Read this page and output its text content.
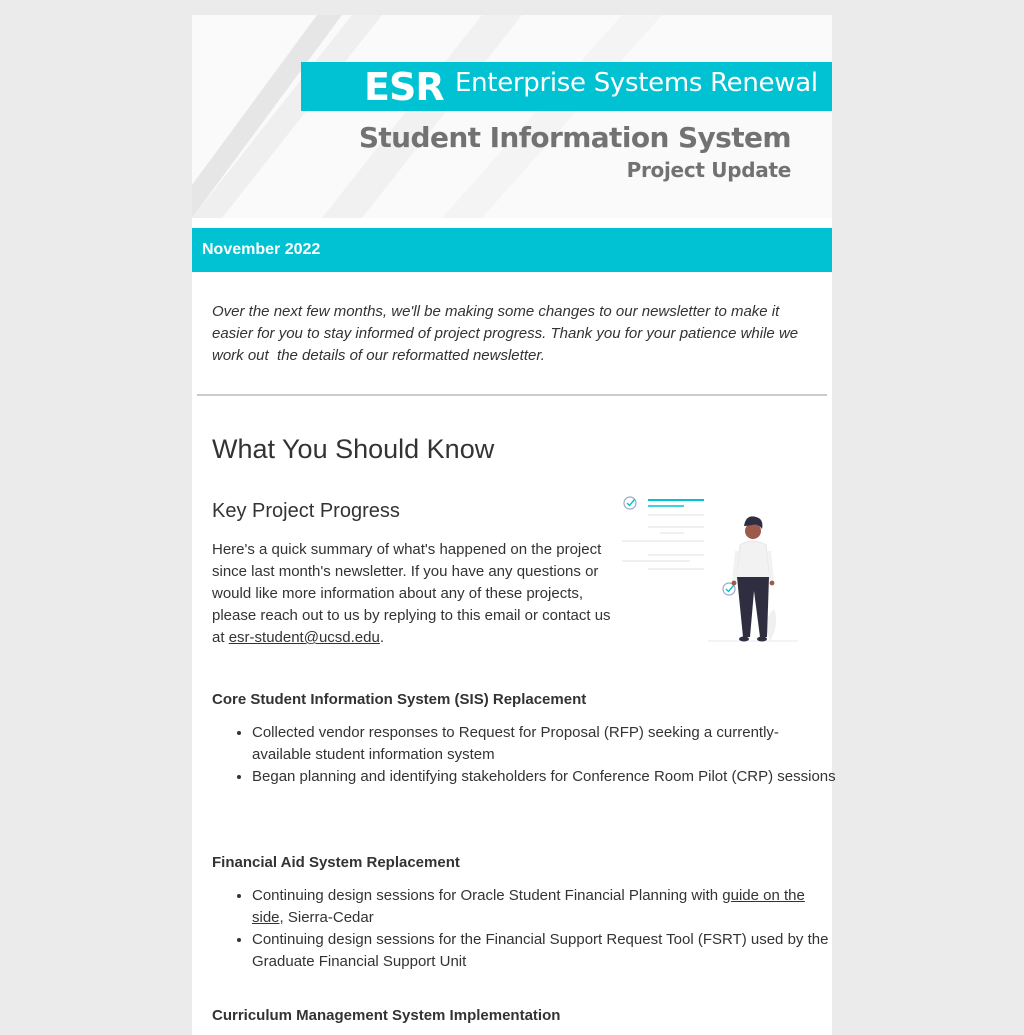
ESR Enterprise Systems Renewal
Student Information System
Project Update
November 2022
Over the next few months, we'll be making some changes to our newsletter to make it easier for you to stay informed of project progress. Thank you for your patience while we work out  the details of our reformatted newsletter.
What You Should Know
Key Project Progress
Here's a quick summary of what's happened on the project since last month's newsletter. If you have any questions or would like more information about any of these projects, please reach out to us by replying to this email or contact us at esr-student@ucsd.edu.
Core Student Information System (SIS) Replacement
• Collected vendor responses to Request for Proposal (RFP) seeking a currently-available student information system
• Began planning and identifying stakeholders for Conference Room Pilot (CRP) sessions
Financial Aid System Replacement
• Continuing design sessions for Oracle Student Financial Planning with guide on the side, Sierra-Cedar
• Continuing design sessions for the Financial Support Request Tool (FSRT) used by the Graduate Financial Support Unit
Curriculum Management System Implementation
